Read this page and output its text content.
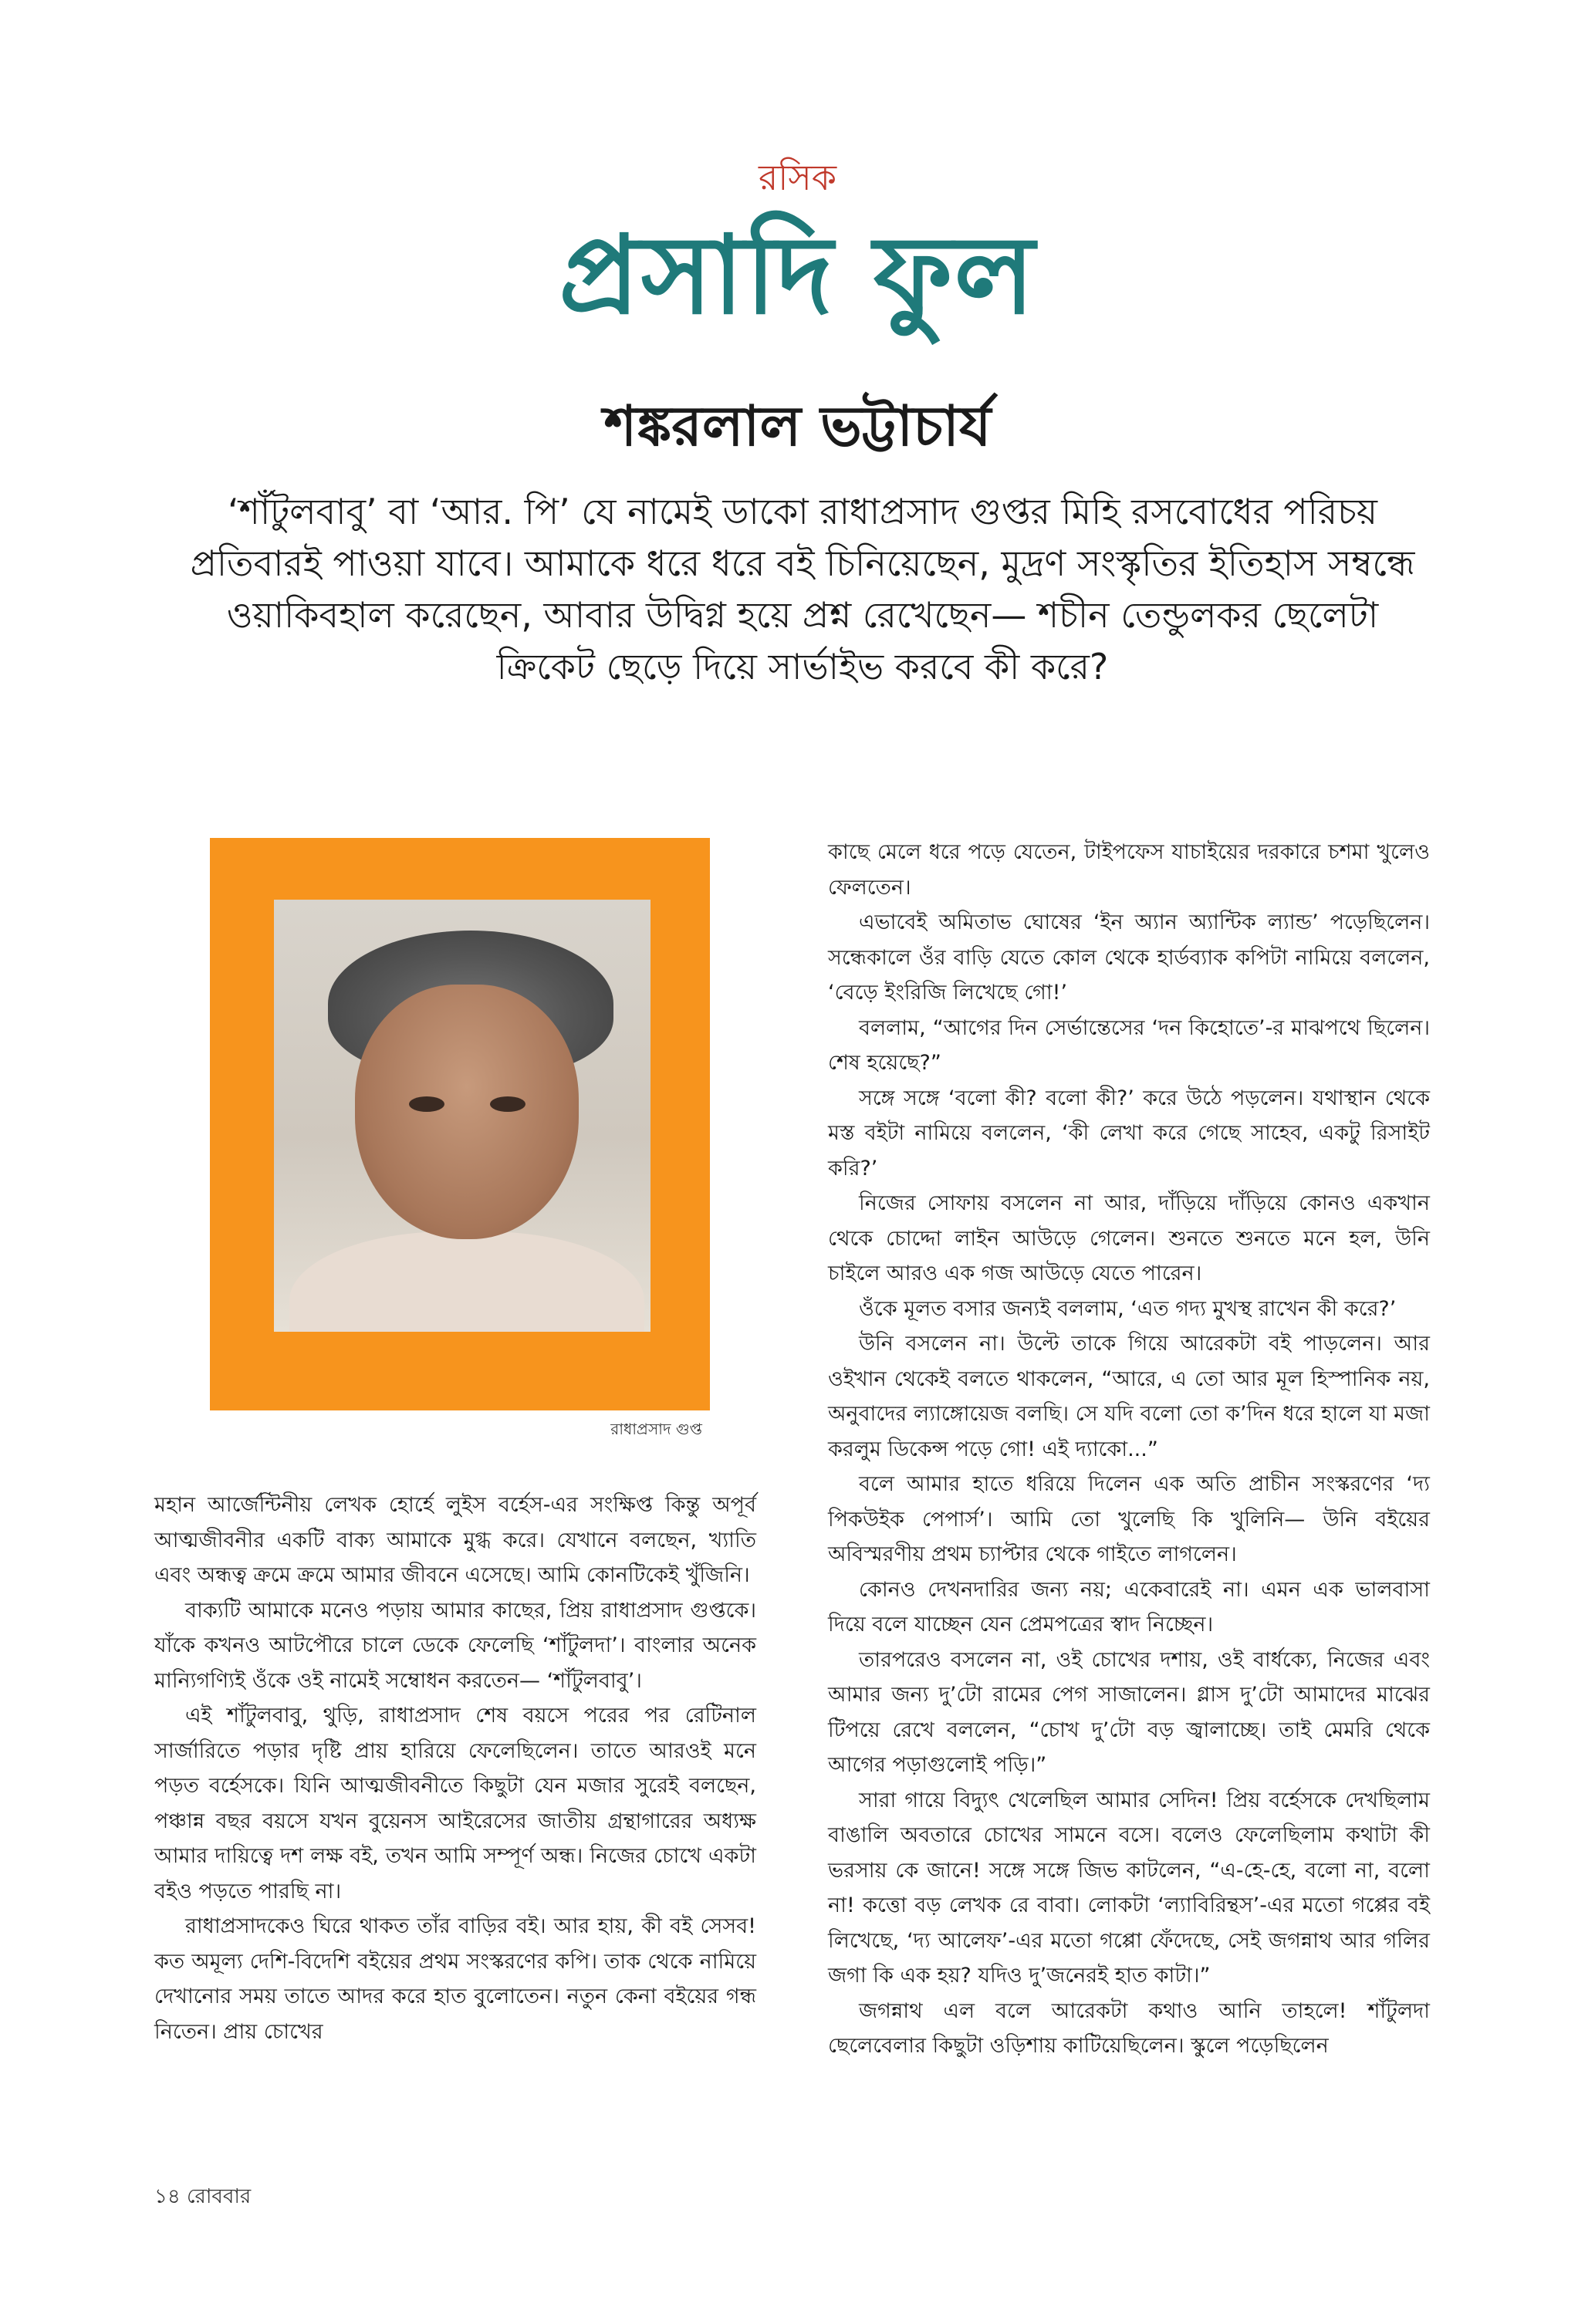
রসিক
প্রসাদি ফুল
শঙ্করলাল ভট্টাচার্য
‘শাঁটুলবাবু’ বা ‘আর. পি’ যে নামেই ডাকো রাধাপ্রসাদ গুপ্তর মিহি রসবোধের পরিচয় প্রতিবারই পাওয়া যাবে। আমাকে ধরে ধরে বই চিনিয়েছেন, মুদ্রণ সংস্কৃতির ইতিহাস সম্বন্ধে ওয়াকিবহাল করেছেন, আবার উদ্বিগ্ন হয়ে প্রশ্ন রেখেছেন— শচীন তেন্ডুলকর ছেলেটা ক্রিকেট ছেড়ে দিয়ে সার্ভাইভ করবে কী করে?
রাধাপ্রসাদ গুপ্ত

মহান আর্জেন্টিনীয় লেখক হোর্হে লুইস বর্হেস-এর সংক্ষিপ্ত কিন্তু অপূর্ব আত্মজীবনীর একটি বাক্য আমাকে মুগ্ধ করে। যেখানে বলছেন, খ্যাতি এবং অন্ধত্ব ক্রমে ক্রমে আমার জীবনে এসেছে। আমি কোনটিকেই খুঁজিনি।

বাক্যটি আমাকে মনেও পড়ায় আমার কাছের, প্রিয় রাধাপ্রসাদ গুপ্তকে। যাঁকে কখনও আটপৌরে চালে ডেকে ফেলেছি ‘শাঁটুলদা’। বাংলার অনেক মান্যিগণ্যিই ওঁকে ওই নামেই সম্বোধন করতেন— ‘শাঁটুলবাবু’।

এই শাঁটুলবাবু, থুড়ি, রাধাপ্রসাদ শেষ বয়সে পরের পর রেটিনাল সার্জারিতে পড়ার দৃষ্টি প্রায় হারিয়ে ফেলেছিলেন। তাতে আরওই মনে পড়ত বর্হেসকে। যিনি আত্মজীবনীতে কিছুটা যেন মজার সুরেই বলছেন, পঞ্চান্ন বছর বয়সে যখন বুয়েনস আইরেসের জাতীয় গ্রন্থাগারের অধ্যক্ষ আমার দায়িত্বে দশ লক্ষ বই, তখন আমি সম্পূর্ণ অন্ধ। নিজের চোখে একটা বইও পড়তে পারছি না।

রাধাপ্রসাদকেও ঘিরে থাকত তাঁর বাড়ির বই। আর হায়, কী বই সেসব! কত অমূল্য দেশি-বিদেশি বইয়ের প্রথম সংস্করণের কপি। তাক থেকে নামিয়ে দেখানোর সময় তাতে আদর করে হাত বুলোতেন। নতুন কেনা বইয়ের গন্ধ নিতেন। প্রায় চোখের

কাছে মেলে ধরে পড়ে যেতেন, টাইপফেস যাচাইয়ের দরকারে চশমা খুলেও ফেলতেন।

এভাবেই অমিতাভ ঘোষের ‘ইন অ্যান অ্যান্টিক ল্যান্ড’ পড়েছিলেন। সন্ধেকালে ওঁর বাড়ি যেতে কোল থেকে হার্ডব্যাক কপিটা নামিয়ে বললেন, ‘বেড়ে ইংরিজি লিখেছে গো!’

বললাম, “আগের দিন সের্ভান্তেসের ‘দন কিহোতে’-র মাঝপথে ছিলেন। শেষ হয়েছে?”

সঙ্গে সঙ্গে ‘বলো কী? বলো কী?’ করে উঠে পড়লেন। যথাস্থান থেকে মস্ত বইটা নামিয়ে বললেন, ‘কী লেখা করে গেছে সাহেব, একটু রিসাইট করি?’

নিজের সোফায় বসলেন না আর, দাঁড়িয়ে দাঁড়িয়ে কোনও একখান থেকে চোদ্দো লাইন আউড়ে গেলেন। শুনতে শুনতে মনে হল, উনি চাইলে আরও এক গজ আউড়ে যেতে পারেন।

ওঁকে মূলত বসার জন্যই বললাম, ‘এত গদ্য মুখস্থ রাখেন কী করে?’

উনি বসলেন না। উল্টে তাকে গিয়ে আরেকটা বই পাড়লেন। আর ওইখান থেকেই বলতে থাকলেন, “আরে, এ তো আর মূল হিস্পানিক নয়, অনুবাদের ল্যাঙ্গোয়েজ বলছি। সে যদি বলো তো ক’দিন ধরে হালে যা মজা করলুম ডিকেন্স পড়ে গো! এই দ্যাকো...”

বলে আমার হাতে ধরিয়ে দিলেন এক অতি প্রাচীন সংস্করণের ‘দ্য পিকউইক পেপার্স’। আমি তো খুলেছি কি খুলিনি— উনি বইয়ের অবিস্মরণীয় প্রথম চ্যাপ্টার থেকে গাইতে লাগলেন।

কোনও দেখনদারির জন্য নয়; একেবারেই না। এমন এক ভালবাসা দিয়ে বলে যাচ্ছেন যেন প্রেমপত্রের স্বাদ নিচ্ছেন।

তারপরেও বসলেন না, ওই চোখের দশায়, ওই বার্ধক্যে, নিজের এবং আমার জন্য দু’টো রামের পেগ সাজালেন। গ্লাস দু’টো আমাদের মাঝের টিপয়ে রেখে বললেন, “চোখ দু’টো বড় জ্বালাচ্ছে। তাই মেমরি থেকে আগের পড়াগুলোই পড়ি।”

সারা গায়ে বিদ্যুৎ খেলেছিল আমার সেদিন! প্রিয় বর্হেসকে দেখছিলাম বাঙালি অবতারে চোখের সামনে বসে। বলেও ফেলেছিলাম কথাটা কী ভরসায় কে জানে! সঙ্গে সঙ্গে জিভ কাটলেন, “এ-হে-হে, বলো না, বলো না! কত্তো বড় লেখক রে বাবা। লোকটা ‘ল্যাবিরিন্থস’-এর মতো গপ্পের বই লিখেছে, ‘দ্য আলেফ’-এর মতো গপ্পো ফেঁদেছে, সেই জগন্নাথ আর গলির জগা কি এক হয়? যদিও দু’জনেরই হাত কাটা।”

জগন্নাথ এল বলে আরেকটা কথাও আনি তাহলে! শাঁটুলদা ছেলেবেলার কিছুটা ওড়িশায় কাটিয়েছিলেন। স্কুলে পড়েছিলেন

১৪ রোববার
